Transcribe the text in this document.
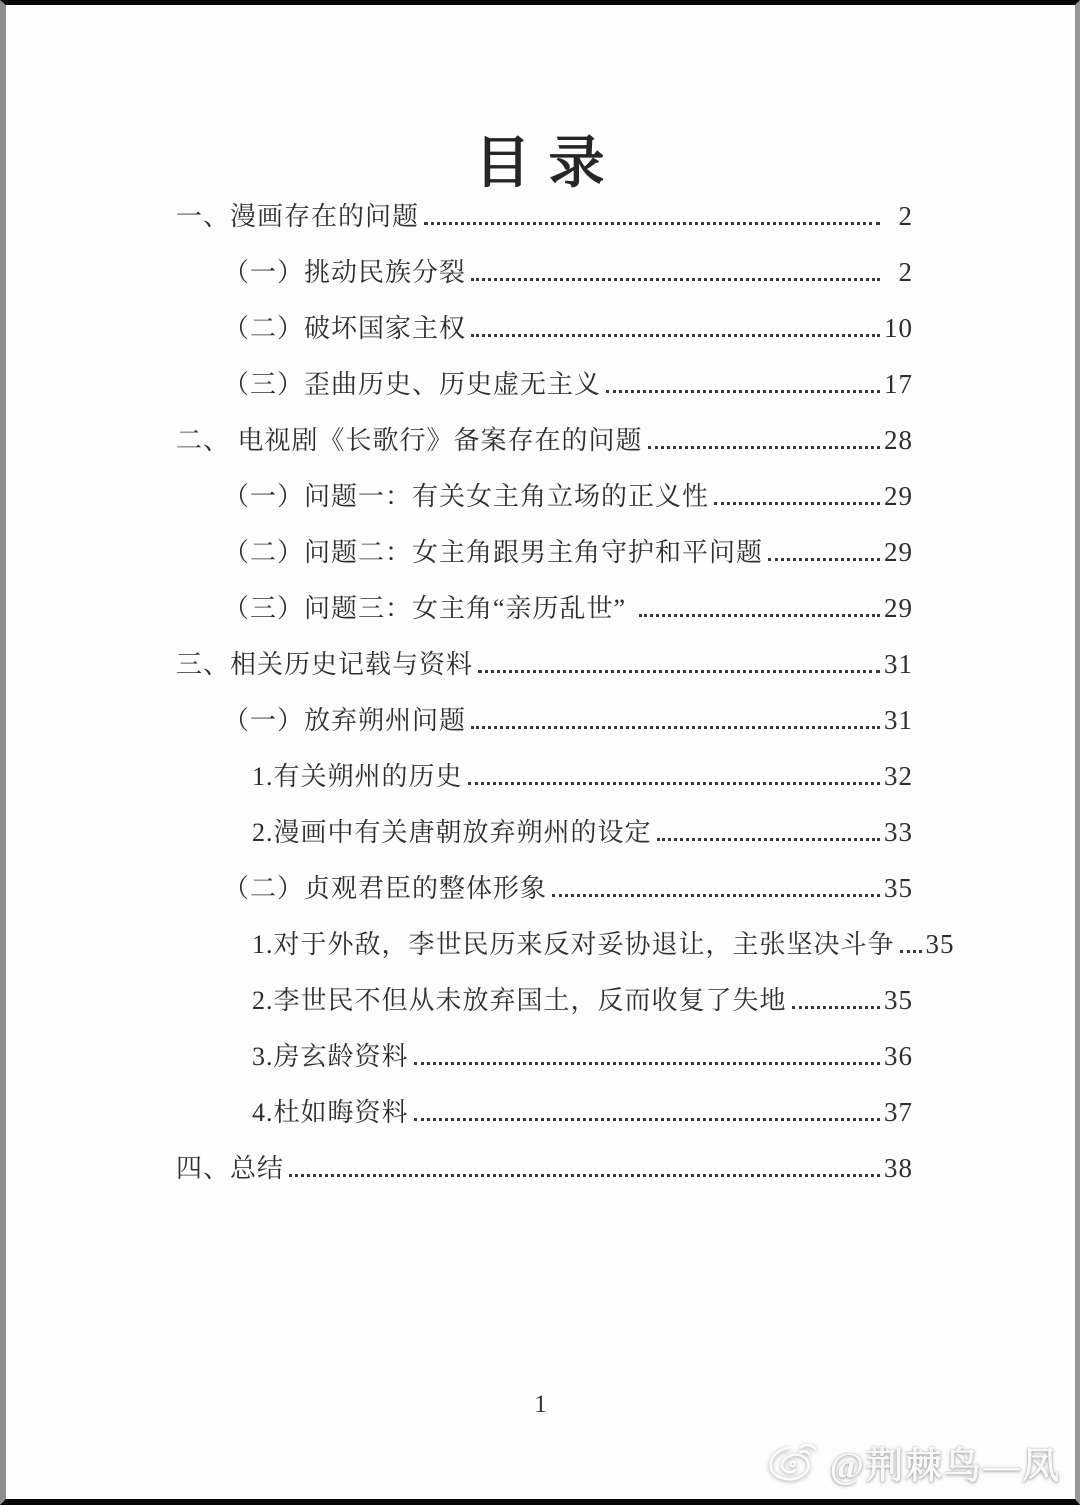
目 录
一、漫画存在的问题	2
（一）挑动民族分裂	2
（二）破坏国家主权	10
（三）歪曲历史、历史虚无主义	17
二、 电视剧《长歌行》备案存在的问题	28
（一）问题一：有关女主角立场的正义性	29
（二）问题二：女主角跟男主角守护和平问题	29
（三）问题三：女主角“亲历乱世”	29
三、相关历史记载与资料	31
（一）放弃朔州问题	31
1.有关朔州的历史	32
2.漫画中有关唐朝放弃朔州的设定	33
（二）贞观君臣的整体形象	35
1.对于外敌，李世民历来反对妥协退让，主张坚决斗争 35
2.李世民不但从未放弃国土，反而收复了失地	35
3.房玄龄资料	36
4.杜如晦资料	37
四、总结	38
1
@荆棘鸟—凤
